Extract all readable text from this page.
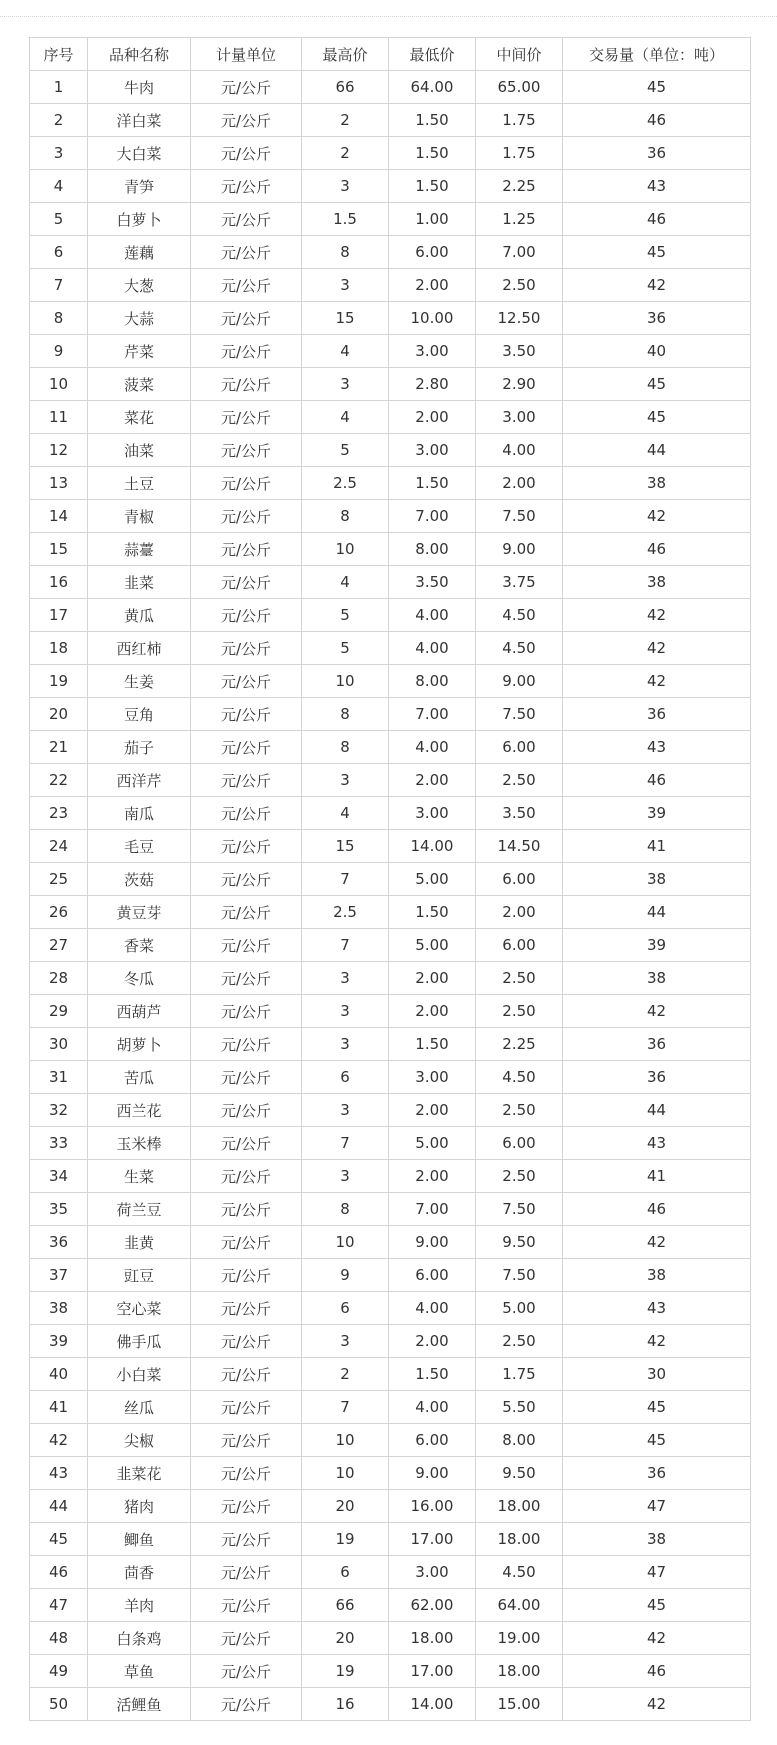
序号	品种名称	计量单位	最高价	最低价	中间价	交易量（单位：吨）
1	牛肉	元/公斤	66	64.00	65.00	45
2	洋白菜	元/公斤	2	1.50	1.75	46
3	大白菜	元/公斤	2	1.50	1.75	36
4	青笋	元/公斤	3	1.50	2.25	43
5	白萝卜	元/公斤	1.5	1.00	1.25	46
6	莲藕	元/公斤	8	6.00	7.00	45
7	大葱	元/公斤	3	2.00	2.50	42
8	大蒜	元/公斤	15	10.00	12.50	36
9	芹菜	元/公斤	4	3.00	3.50	40
10	菠菜	元/公斤	3	2.80	2.90	45
11	菜花	元/公斤	4	2.00	3.00	45
12	油菜	元/公斤	5	3.00	4.00	44
13	土豆	元/公斤	2.5	1.50	2.00	38
14	青椒	元/公斤	8	7.00	7.50	42
15	蒜薹	元/公斤	10	8.00	9.00	46
16	韭菜	元/公斤	4	3.50	3.75	38
17	黄瓜	元/公斤	5	4.00	4.50	42
18	西红柿	元/公斤	5	4.00	4.50	42
19	生姜	元/公斤	10	8.00	9.00	42
20	豆角	元/公斤	8	7.00	7.50	36
21	茄子	元/公斤	8	4.00	6.00	43
22	西洋芹	元/公斤	3	2.00	2.50	46
23	南瓜	元/公斤	4	3.00	3.50	39
24	毛豆	元/公斤	15	14.00	14.50	41
25	茨菇	元/公斤	7	5.00	6.00	38
26	黄豆芽	元/公斤	2.5	1.50	2.00	44
27	香菜	元/公斤	7	5.00	6.00	39
28	冬瓜	元/公斤	3	2.00	2.50	38
29	西葫芦	元/公斤	3	2.00	2.50	42
30	胡萝卜	元/公斤	3	1.50	2.25	36
31	苦瓜	元/公斤	6	3.00	4.50	36
32	西兰花	元/公斤	3	2.00	2.50	44
33	玉米棒	元/公斤	7	5.00	6.00	43
34	生菜	元/公斤	3	2.00	2.50	41
35	荷兰豆	元/公斤	8	7.00	7.50	46
36	韭黄	元/公斤	10	9.00	9.50	42
37	豇豆	元/公斤	9	6.00	7.50	38
38	空心菜	元/公斤	6	4.00	5.00	43
39	佛手瓜	元/公斤	3	2.00	2.50	42
40	小白菜	元/公斤	2	1.50	1.75	30
41	丝瓜	元/公斤	7	4.00	5.50	45
42	尖椒	元/公斤	10	6.00	8.00	45
43	韭菜花	元/公斤	10	9.00	9.50	36
44	猪肉	元/公斤	20	16.00	18.00	47
45	鲫鱼	元/公斤	19	17.00	18.00	38
46	茴香	元/公斤	6	3.00	4.50	47
47	羊肉	元/公斤	66	62.00	64.00	45
48	白条鸡	元/公斤	20	18.00	19.00	42
49	草鱼	元/公斤	19	17.00	18.00	46
50	活鲤鱼	元/公斤	16	14.00	15.00	42
